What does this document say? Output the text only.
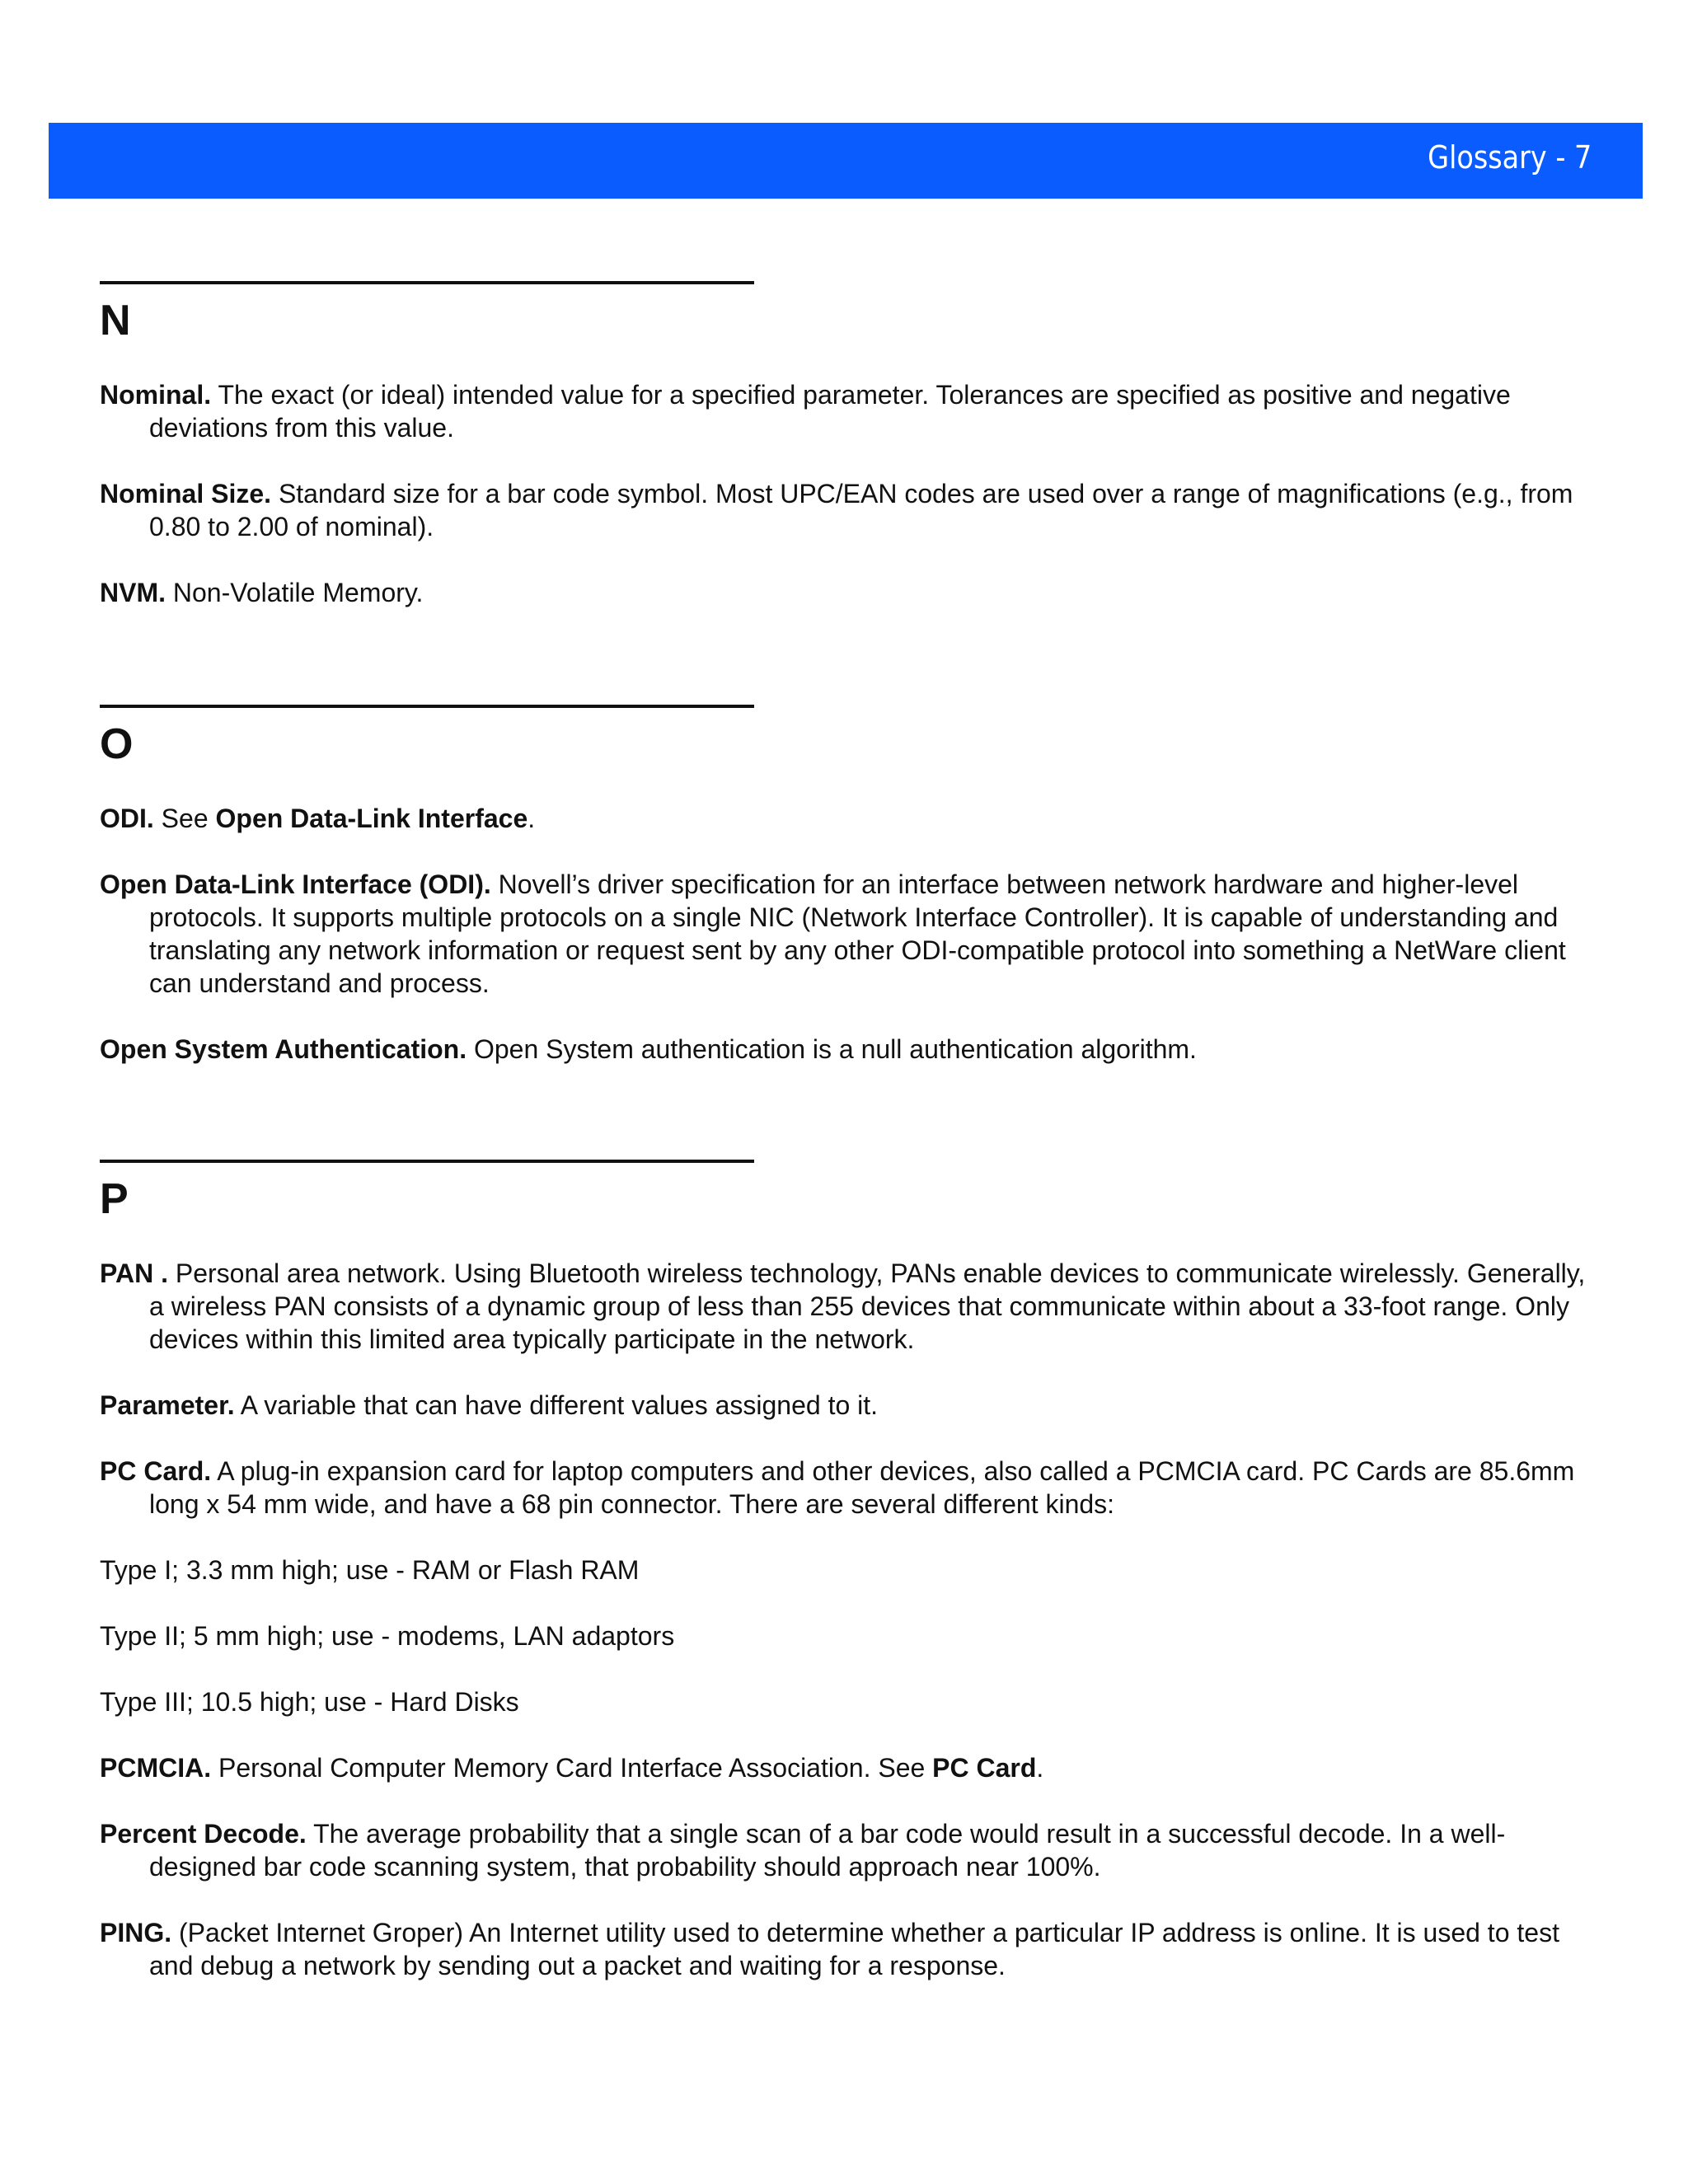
Glossary - 7
N

Nominal. The exact (or ideal) intended value for a specified parameter. Tolerances are specified as positive and negative deviations from this value.

Nominal Size. Standard size for a bar code symbol. Most UPC/EAN codes are used over a range of magnifications (e.g., from 0.80 to 2.00 of nominal).

NVM. Non-Volatile Memory.

O

ODI. See Open Data-Link Interface.

Open Data-Link Interface (ODI). Novell’s driver specification for an interface between network hardware and higher-level protocols. It supports multiple protocols on a single NIC (Network Interface Controller). It is capable of understanding and translating any network information or request sent by any other ODI-compatible protocol into something a NetWare client can understand and process.

Open System Authentication. Open System authentication is a null authentication algorithm.

P

PAN . Personal area network. Using Bluetooth wireless technology, PANs enable devices to communicate wirelessly. Generally, a wireless PAN consists of a dynamic group of less than 255 devices that communicate within about a 33-foot range. Only devices within this limited area typically participate in the network.

Parameter. A variable that can have different values assigned to it.

PC Card. A plug-in expansion card for laptop computers and other devices, also called a PCMCIA card. PC Cards are 85.6mm long x 54 mm wide, and have a 68 pin connector. There are several different kinds:

Type I; 3.3 mm high; use - RAM or Flash RAM

Type II; 5 mm high; use - modems, LAN adaptors

Type III; 10.5 high; use - Hard Disks

PCMCIA. Personal Computer Memory Card Interface Association. See PC Card.

Percent Decode. The average probability that a single scan of a bar code would result in a successful decode. In a well-designed bar code scanning system, that probability should approach near 100%.

PING. (Packet Internet Groper) An Internet utility used to determine whether a particular IP address is online. It is used to test and debug a network by sending out a packet and waiting for a response.
